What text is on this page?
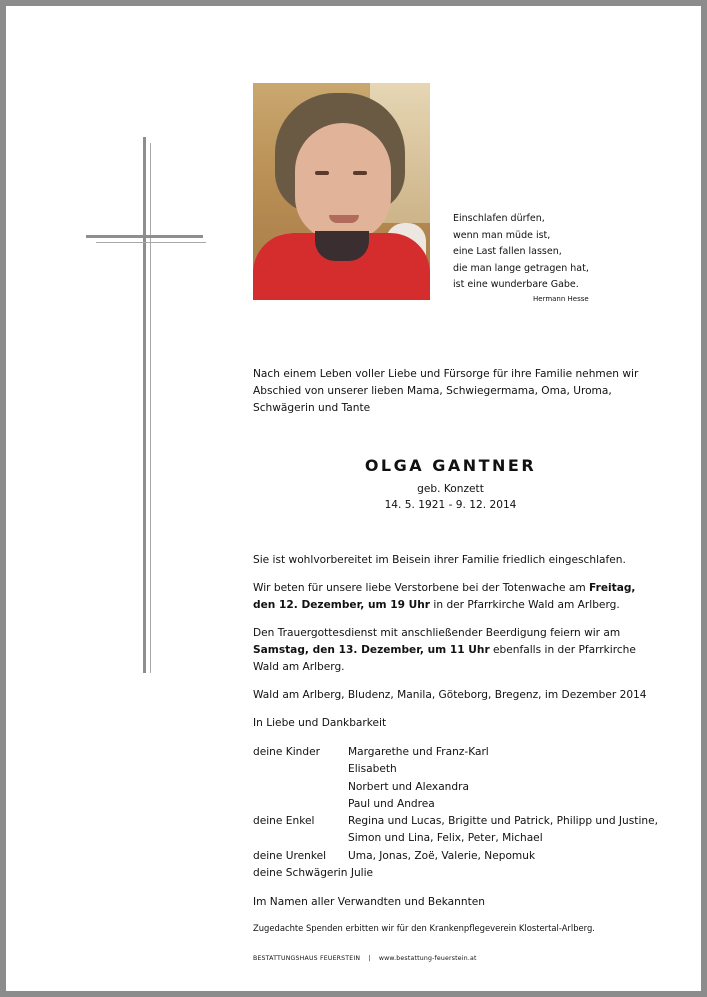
Einschlafen dürfen,
wenn man müde ist,
eine Last fallen lassen,
die man lange getragen hat,
ist eine wunderbare Gabe.
Hermann Hesse
Nach einem Leben voller Liebe und Fürsorge für ihre Familie nehmen wir Abschied von unserer lieben Mama, Schwiegermama, Oma, Uroma, Schwägerin und Tante
OLGA GANTNER
geb. Konzett
14. 5. 1921 - 9. 12. 2014
Sie ist wohlvorbereitet im Beisein ihrer Familie friedlich eingeschlafen.
Wir beten für unsere liebe Verstorbene bei der Totenwache am Freitag, den 12. Dezember, um 19 Uhr in der Pfarrkirche Wald am Arlberg.
Den Trauergottesdienst mit anschließender Beerdigung feiern wir am Samstag, den 13. Dezember, um 11 Uhr ebenfalls in der Pfarrkirche Wald am Arlberg.
Wald am Arlberg, Bludenz, Manila, Göteborg, Bregenz, im Dezember 2014
In Liebe und Dankbarkeit
deine Kinder	Margarethe und Franz-Karl
Elisabeth
Norbert und Alexandra
Paul und Andrea
deine Enkel	Regina und Lucas, Brigitte und Patrick, Philipp und Justine,
Simon und Lina, Felix, Peter, Michael
deine Urenkel	Uma, Jonas, Zoë, Valerie, Nepomuk
deine Schwägerin Julie
Im Namen aller Verwandten und Bekannten
Zugedachte Spenden erbitten wir für den Krankenpflegeverein Klostertal-Arlberg.
BESTATTUNGSHAUS FEUERSTEIN | www.bestattung-feuerstein.at
